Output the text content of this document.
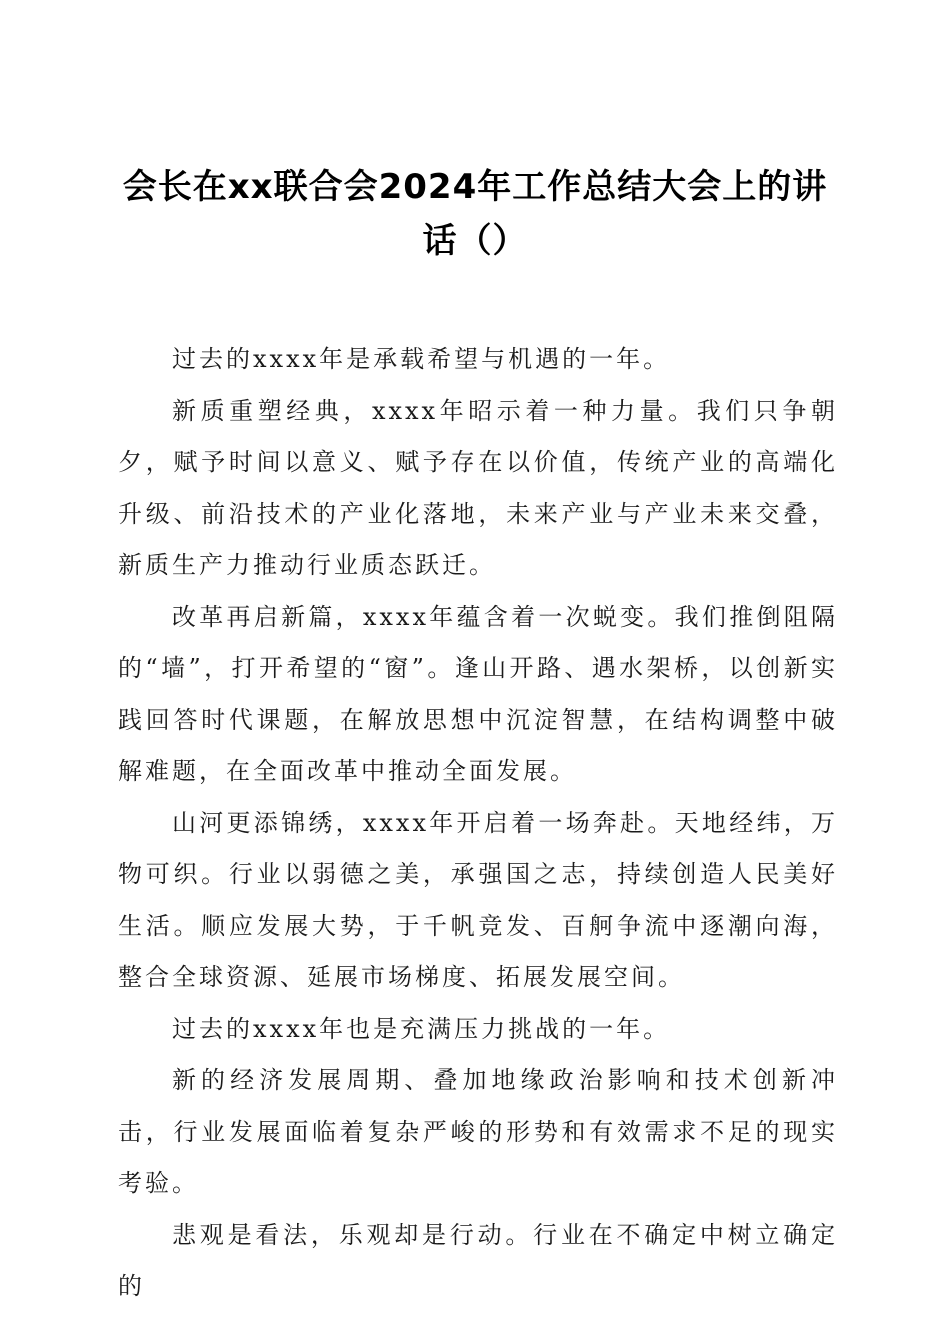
会长在xx联合会2024年工作总结大会上的讲话（）

过去的xxxx年是承载希望与机遇的一年。

新质重塑经典，xxxx年昭示着一种力量。我们只争朝夕，赋予时间以意义、赋予存在以价值，传统产业的高端化升级、前沿技术的产业化落地，未来产业与产业未来交叠，新质生产力推动行业质态跃迁。

改革再启新篇，xxxx年蕴含着一次蜕变。我们推倒阻隔的“墙”，打开希望的“窗”。逢山开路、遇水架桥，以创新实践回答时代课题，在解放思想中沉淀智慧，在结构调整中破解难题，在全面改革中推动全面发展。

山河更添锦绣，xxxx年开启着一场奔赴。天地经纬，万物可织。行业以弱德之美，承强国之志，持续创造人民美好生活。顺应发展大势，于千帆竞发、百舸争流中逐潮向海，整合全球资源、延展市场梯度、拓展发展空间。

过去的xxxx年也是充满压力挑战的一年。

新的经济发展周期、叠加地缘政治影响和技术创新冲击，行业发展面临着复杂严峻的形势和有效需求不足的现实考验。

悲观是看法，乐观却是行动。行业在不确定中树立确定的
